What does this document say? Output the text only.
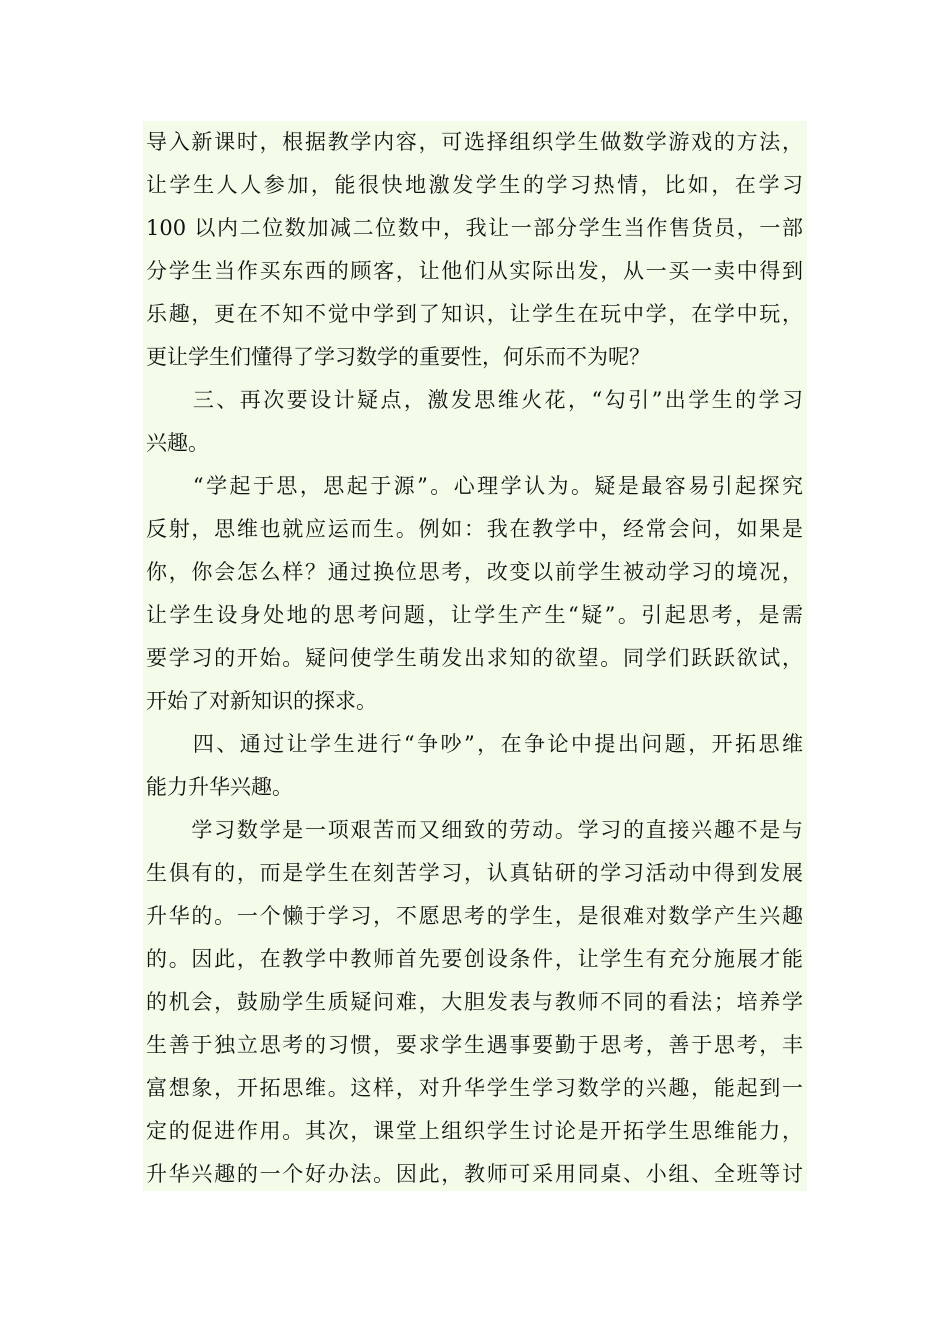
导入新课时，根据教学内容，可选择组织学生做数学游戏的方法，
让学生人人参加，能很快地激发学生的学习热情，比如，在学习
100 以内二位数加减二位数中，我让一部分学生当作售货员，一部
分学生当作买东西的顾客，让他们从实际出发，从一买一卖中得到
乐趣，更在不知不觉中学到了知识，让学生在玩中学，在学中玩，
更让学生们懂得了学习数学的重要性，何乐而不为呢？
　　三、再次要设计疑点，激发思维火花，“勾引”出学生的学习
兴趣。
　　“学起于思，思起于源”。心理学认为。疑是最容易引起探究
反射，思维也就应运而生。例如：我在教学中，经常会问，如果是
你，你会怎么样？通过换位思考，改变以前学生被动学习的境况，
让学生设身处地的思考问题，让学生产生“疑”。引起思考，是需
要学习的开始。疑问使学生萌发出求知的欲望。同学们跃跃欲试，
开始了对新知识的探求。
　　四、通过让学生进行“争吵”，在争论中提出问题，开拓思维
能力升华兴趣。
　　学习数学是一项艰苦而又细致的劳动。学习的直接兴趣不是与
生俱有的，而是学生在刻苦学习，认真钻研的学习活动中得到发展
升华的。一个懒于学习，不愿思考的学生，是很难对数学产生兴趣
的。因此，在教学中教师首先要创设条件，让学生有充分施展才能
的机会，鼓励学生质疑问难，大胆发表与教师不同的看法；培养学
生善于独立思考的习惯，要求学生遇事要勤于思考，善于思考，丰
富想象，开拓思维。这样，对升华学生学习数学的兴趣，能起到一
定的促进作用。其次，课堂上组织学生讨论是开拓学生思维能力，
升华兴趣的一个好办法。因此，教师可采用同桌、小组、全班等讨
